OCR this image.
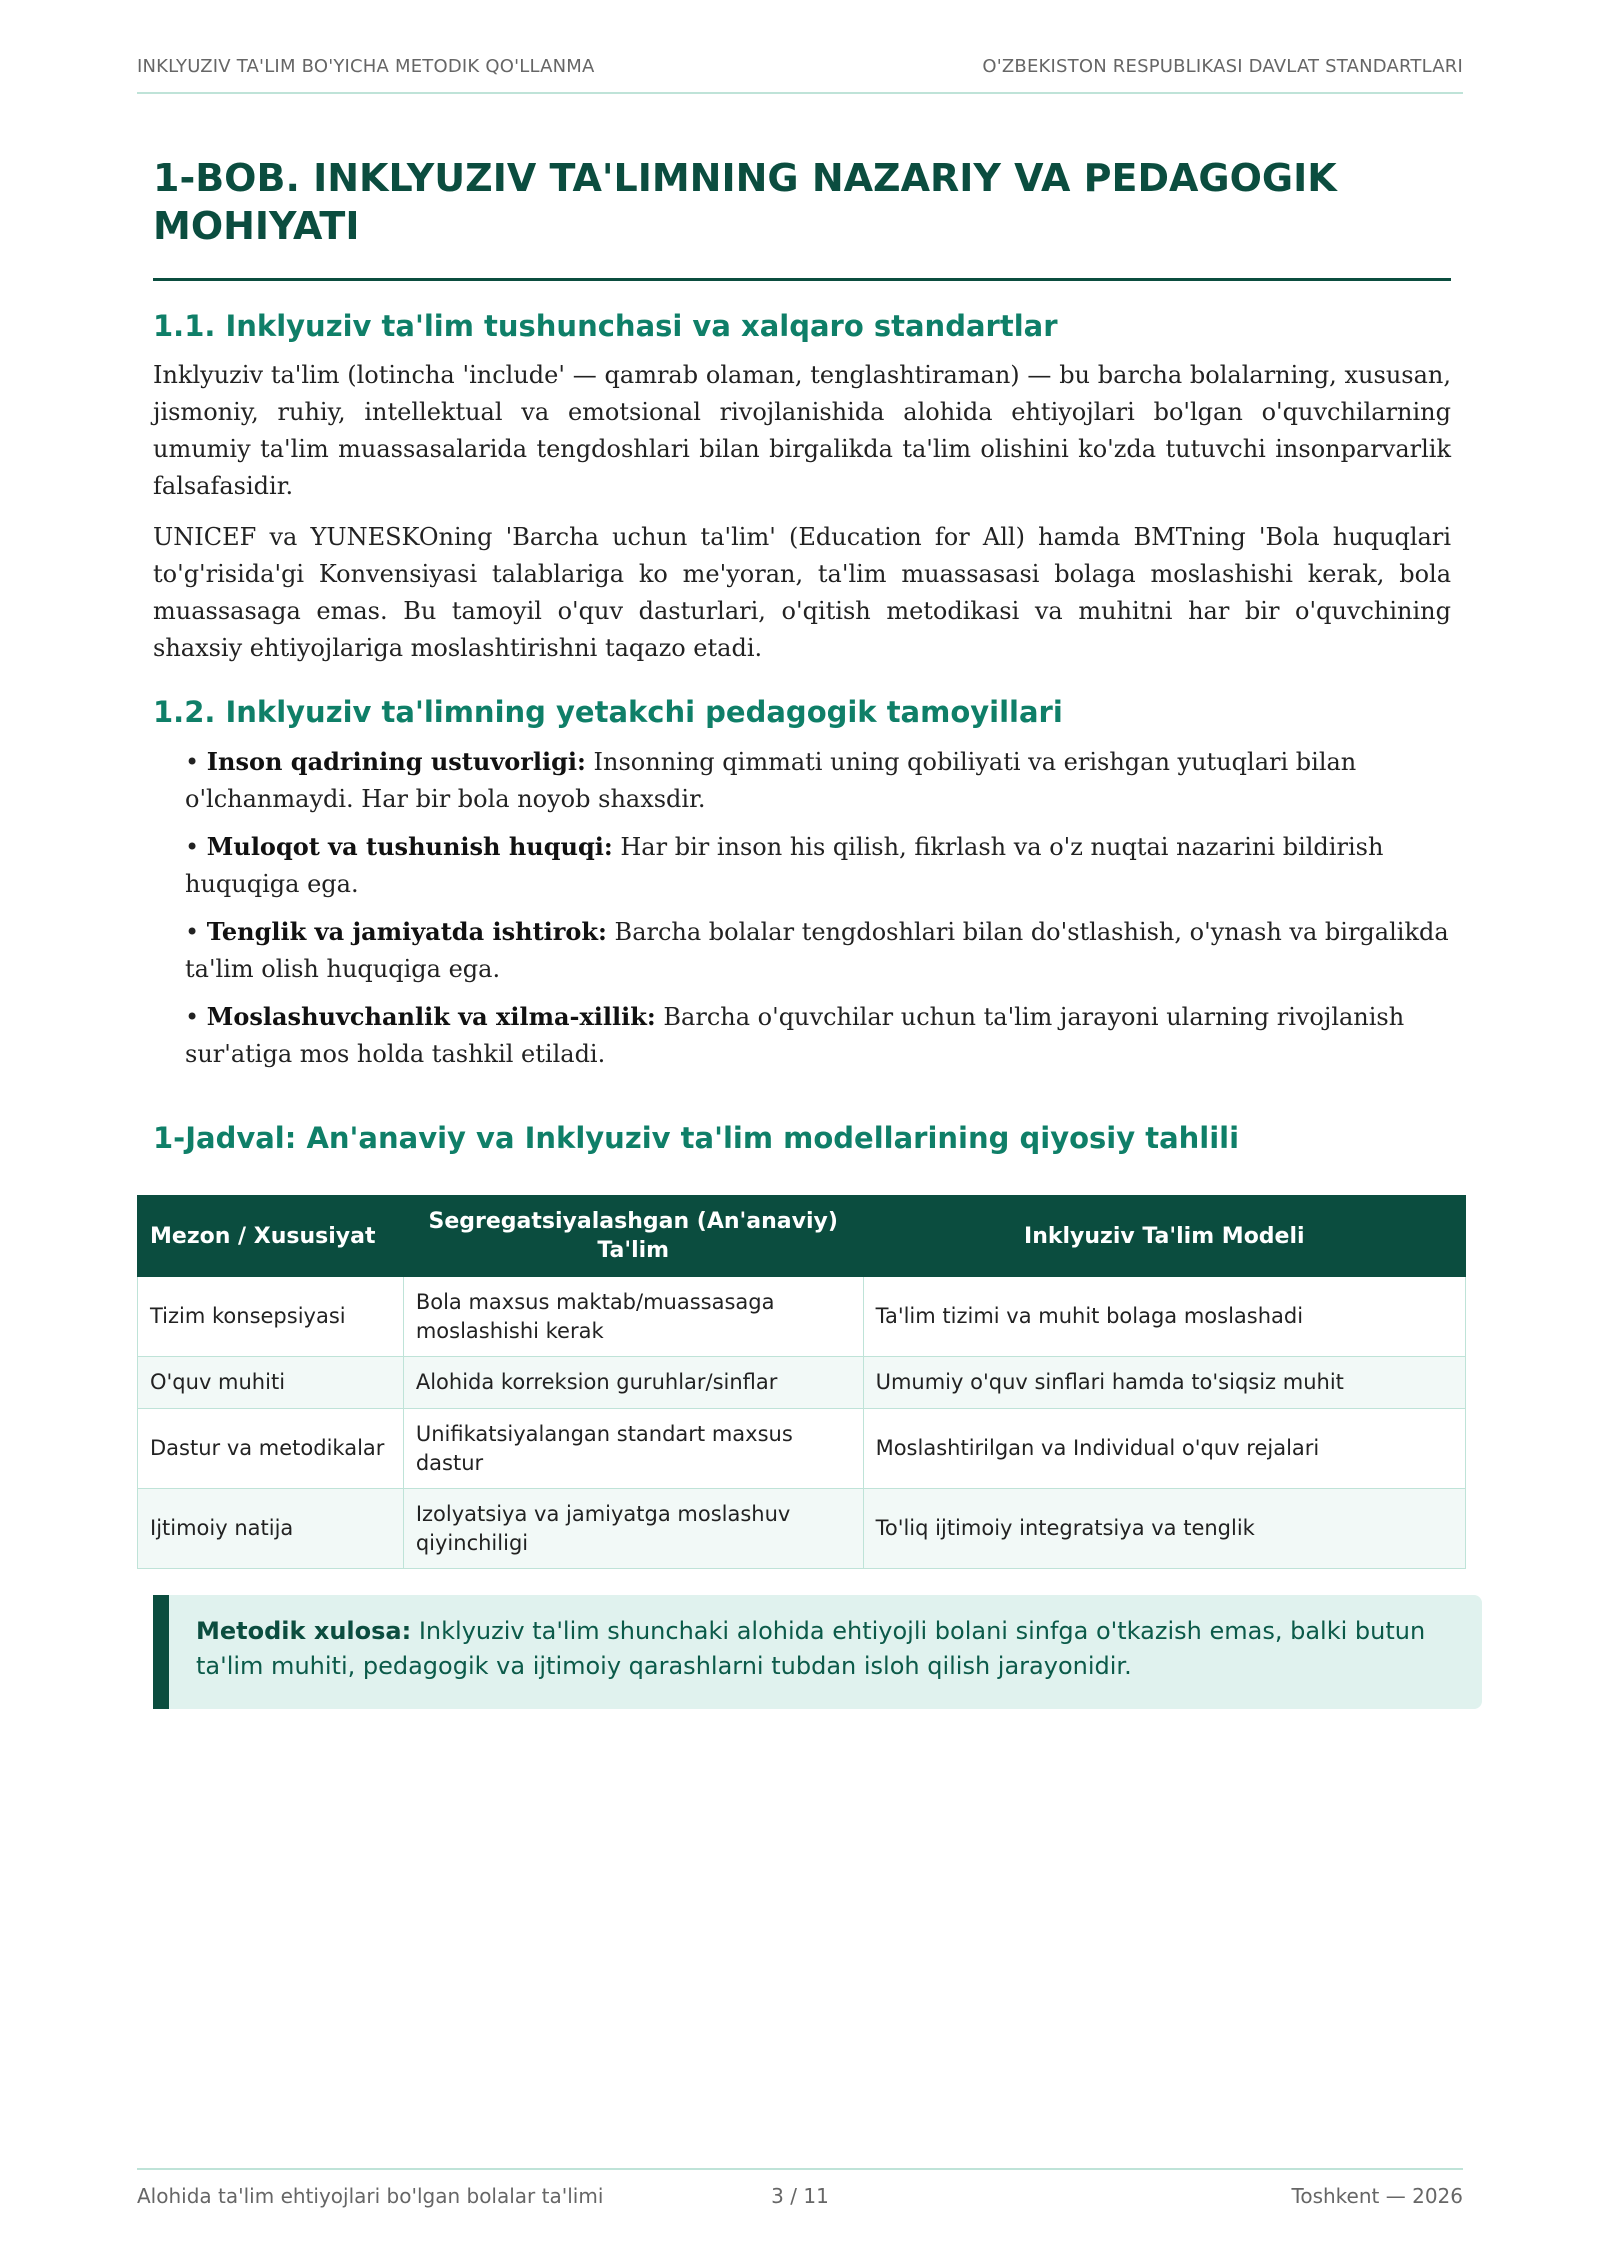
INKLYUZIV TA'LIM BO'YICHA METODIK QO'LLANMA	O'ZBEKISTON RESPUBLIKASI DAVLAT STANDARTLARI
1-BOB. INKLYUZIV TA'LIMNING NAZARIY VA PEDAGOGIK MOHIYATI
1.1. Inklyuziv ta'lim tushunchasi va xalqaro standartlar

Inklyuziv ta'lim (lotincha 'include' — qamrab olaman, tenglashtiraman) — bu barcha bolalarning, xususan, jismoniy, ruhiy, intellektual va emotsional rivojlanishida alohida ehtiyojlari bo'lgan o'quvchilarning umumiy ta'lim muassasalarida tengdoshlari bilan birgalikda ta'lim olishini ko'zda tutuvchi insonparvarlik falsafasidir.

UNICEF va YUNESKOning 'Barcha uchun ta'lim' (Education for All) hamda BMTning 'Bola huquqlari to'g'risida'gi Konvensiyasi talablariga ko me'yoran, ta'lim muassasasi bolaga moslashishi kerak, bola muassasaga emas. Bu tamoyil o'quv dasturlari, o'qitish metodikasi va muhitni har bir o'quvchining shaxsiy ehtiyojlariga moslashtirishni taqazo etadi.

1.2. Inklyuziv ta'limning yetakchi pedagogik tamoyillari
• Inson qadrining ustuvorligi: Insonning qimmati uning qobiliyati va erishgan yutuqlari bilan o'lchanmaydi. Har bir bola noyob shaxsdir.
• Muloqot va tushunish huquqi: Har bir inson his qilish, fikrlash va o'z nuqtai nazarini bildirish huquqiga ega.
• Tenglik va jamiyatda ishtirok: Barcha bolalar tengdoshlari bilan do'stlashish, o'ynash va birgalikda ta'lim olish huquqiga ega.
• Moslashuvchanlik va xilma-xillik: Barcha o'quvchilar uchun ta'lim jarayoni ularning rivojlanish sur'atiga mos holda tashkil etiladi.
1-Jadval: An'anaviy va Inklyuziv ta'lim modellarining qiyosiy tahlili
Mezon / Xususiyat	Segregatsiyalashgan (An'anaviy) Ta'lim	Inklyuziv Ta'lim Modeli
Tizim konsepsiyasi	Bola maxsus maktab/muassasaga moslashishi kerak	Ta'lim tizimi va muhit bolaga moslashadi
O'quv muhiti	Alohida korreksion guruhlar/sinflar	Umumiy o'quv sinflari hamda to'siqsiz muhit
Dastur va metodikalar	Unifikatsiyalangan standart maxsus dastur	Moslashtirilgan va Individual o'quv rejalari
Ijtimoiy natija	Izolyatsiya va jamiyatga moslashuv qiyinchiligi	To'liq ijtimoiy integratsiya va tenglik
Metodik xulosa: Inklyuziv ta'lim shunchaki alohida ehtiyojli bolani sinfga o'tkazish emas, balki butun ta'lim muhiti, pedagogik va ijtimoiy qarashlarni tubdan isloh qilish jarayonidir.
Alohida ta'lim ehtiyojlari bo'lgan bolalar ta'limi	3 / 11	Toshkent — 2026
